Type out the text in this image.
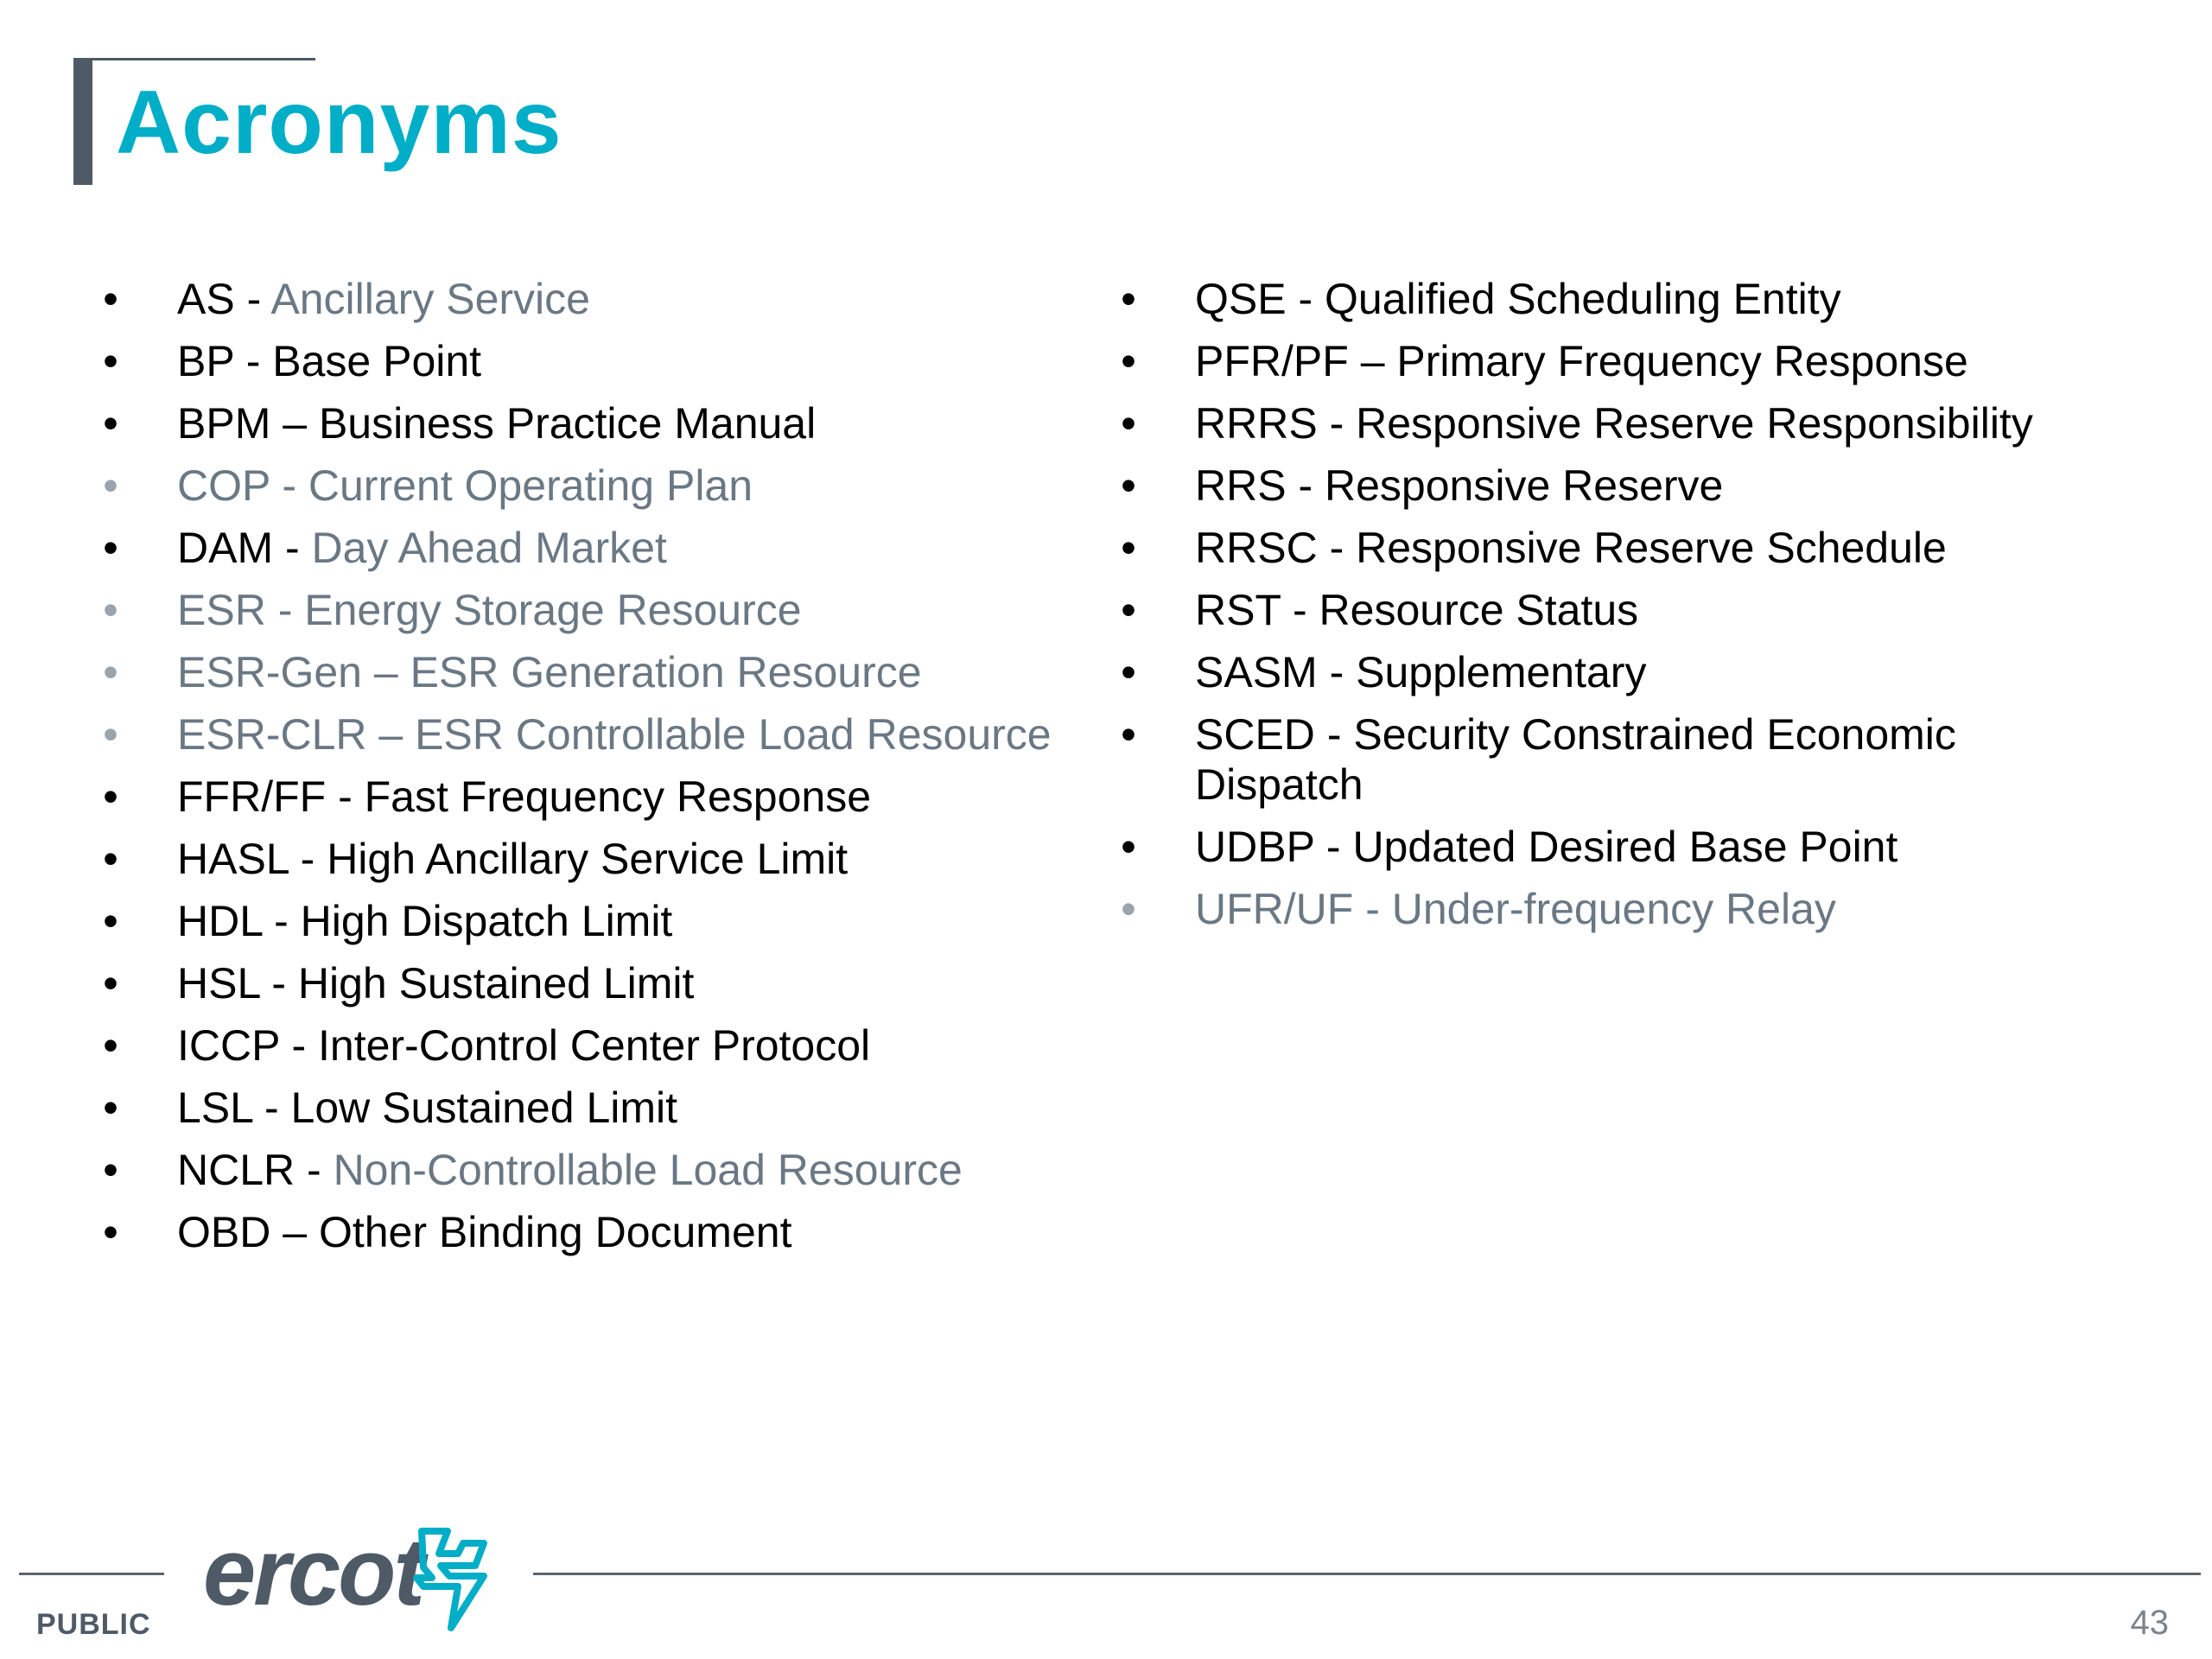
Acronyms
• AS - Ancillary Service
• BP - Base Point
• BPM – Business Practice Manual
• COP - Current Operating Plan
• DAM - Day Ahead Market
• ESR - Energy Storage Resource
• ESR-Gen – ESR Generation Resource
• ESR-CLR – ESR Controllable Load Resource
• FFR/FF - Fast Frequency Response
• HASL - High Ancillary Service Limit
• HDL - High Dispatch Limit
• HSL - High Sustained Limit
• ICCP - Inter-Control Center Protocol
• LSL - Low Sustained Limit
• NCLR - Non-Controllable Load Resource
• OBD – Other Binding Document
• QSE - Qualified Scheduling Entity
• PFR/PF – Primary Frequency Response
• RRRS - Responsive Reserve Responsibility
• RRS - Responsive Reserve
• RRSC - Responsive Reserve Schedule
• RST - Resource Status
• SASM - Supplementary
• SCED - Security Constrained Economic Dispatch
• UDBP - Updated Desired Base Point
• UFR/UF - Under-frequency Relay
ercot
PUBLIC	43
